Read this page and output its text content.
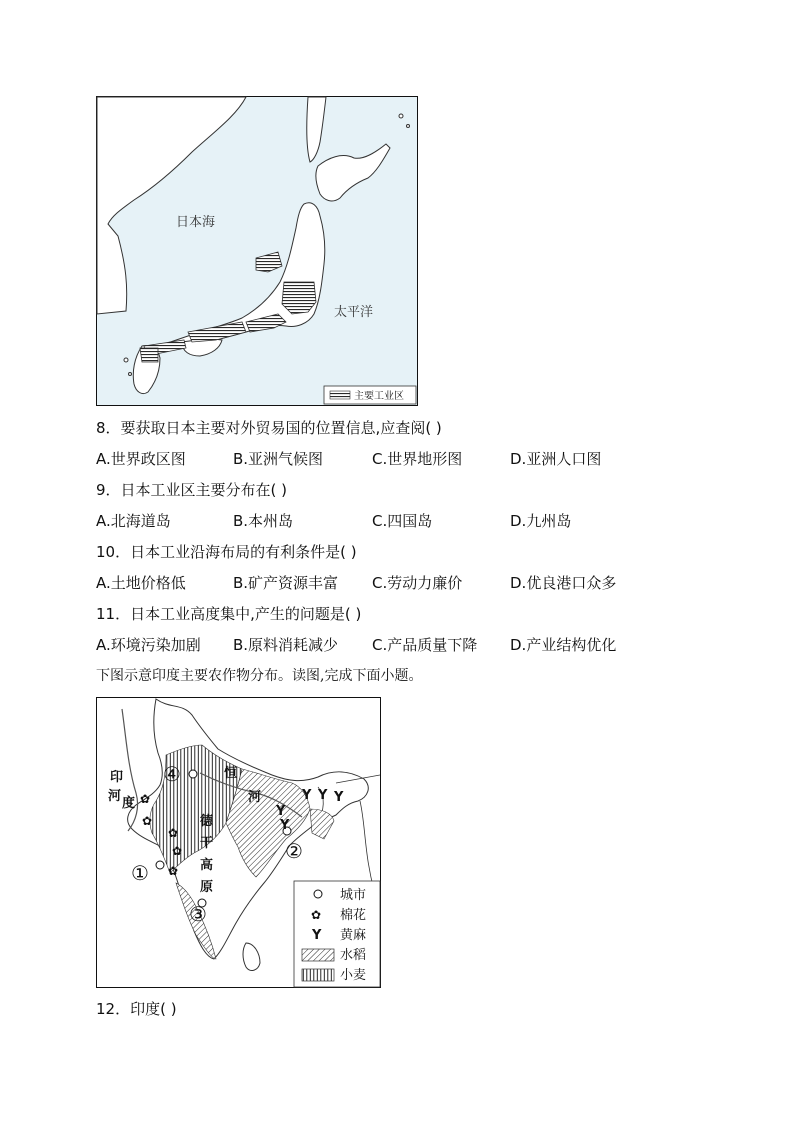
日本海
太平洋
主要工业区
8．要获取日本主要对外贸易国的位置信息,应查阅( )
A.世界政区图	B.亚洲气候图	C.世界地形图	D.亚洲人口图
9．日本工业区主要分布在( )
A.北海道岛	B.本州岛	C.四国岛	D.九州岛
10．日本工业沿海布局的有利条件是( )
A.土地价格低	B.矿产资源丰富 C.劳动力廉价	D.优良港口众多
11．日本工业高度集中,产生的问题是( )
A.环境污染加剧 B.原料消耗减少 C.产品质量下降 D.产业结构优化
下图示意印度主要农作物分布。读图,完成下面小题。
印
度
河
恒
河
德
干
高
原
④
②
①
③
✿
✿
✿
✿
✿
Υ
Υ Υ Υ
Υ
城市
✿ 棉花
Υ 黄麻
水稻
小麦
12．印度( )
